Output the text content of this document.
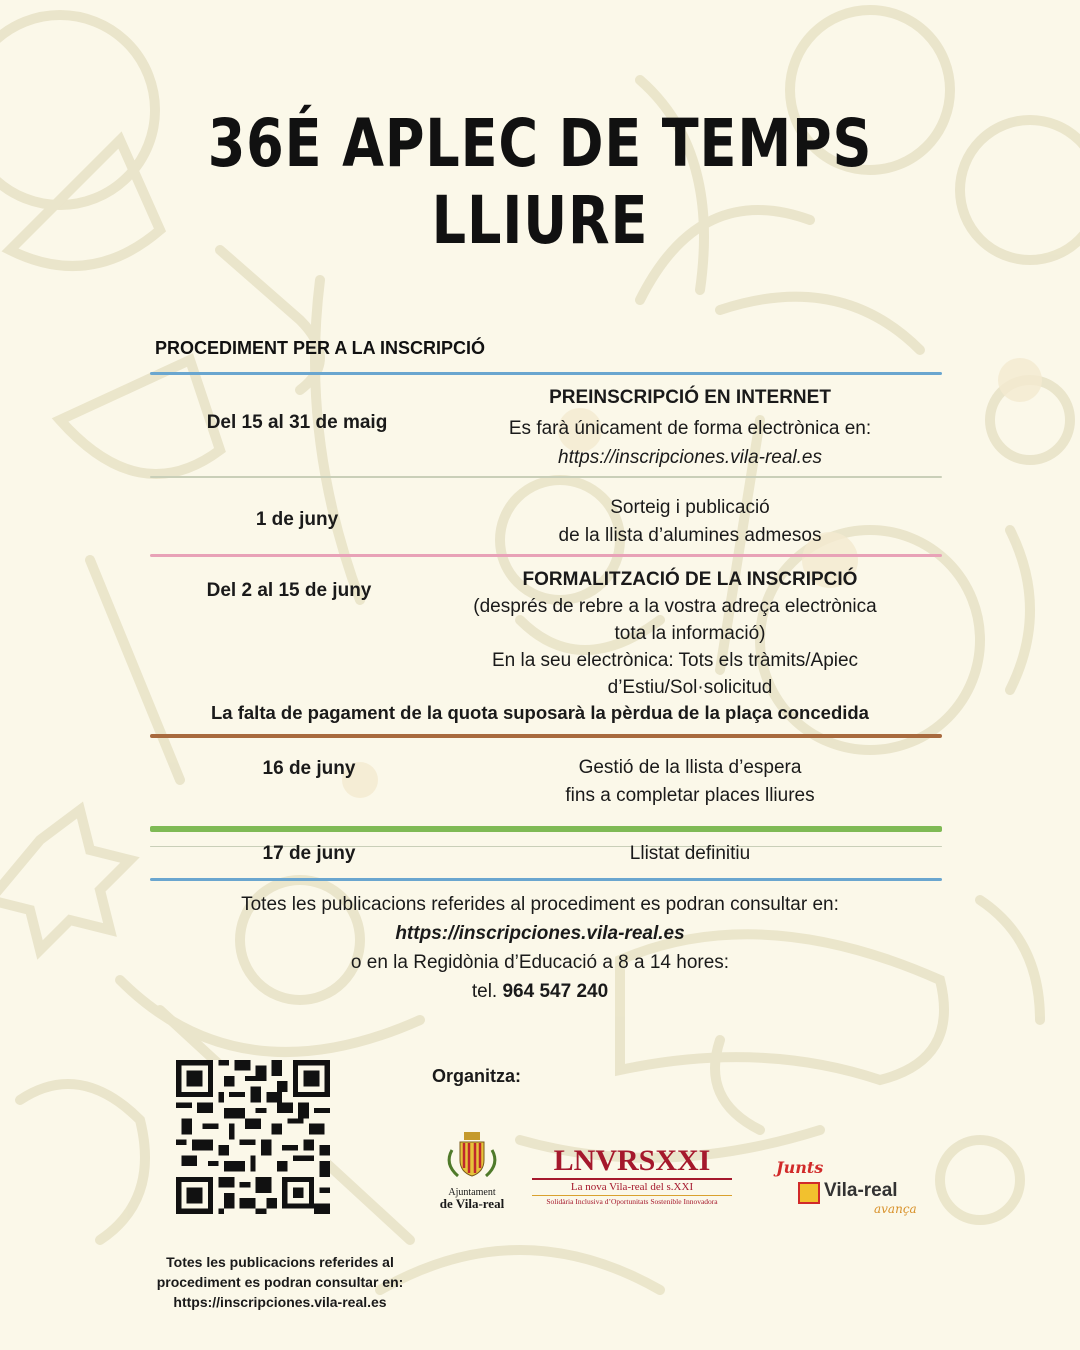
36É APLEC DE TEMPS LLIURE
PROCEDIMENT PER A LA INSCRIPCIÓ
Del 15 al 31 de maig
PREINSCRIPCIÓ EN INTERNET
Es farà únicament de forma electrònica en:
https://inscripciones.vila-real.es
1 de juny
Sorteig i publicació
de la llista d’alumines admesos
Del 2 al 15 de juny
FORMALITZACIÓ DE LA INSCRIPCIÓ
(després de rebre a la vostra adreça electrònica
tota la informació)
En la seu electrònica: Tots els tràmits/Apiec
d’Estiu/Sol·solicitud
La falta de pagament de la quota suposarà la pèrdua de la plaça concedida
16 de juny	Gestió de la llista d’espera
fins a completar places lliures
17 de juny	Llistat definitiu
Totes les publicacions referides al procediment es podran consultar en:
https://inscripciones.vila-real.es
o en la Regidònia d’Educació a 8 a 14 hores:
tel. 964 547 240
Totes les publicacions referides al
procediment es podran consultar en:
https://inscripciones.vila-real.es
Organitza:
Ajuntament
de Vila-real
LNVRSXXI
La nova Vila-real del s.XXI
Solidària Inclusiva d’Oportunitats Sostenible Innovadora
Junts
Vila-real
avança
